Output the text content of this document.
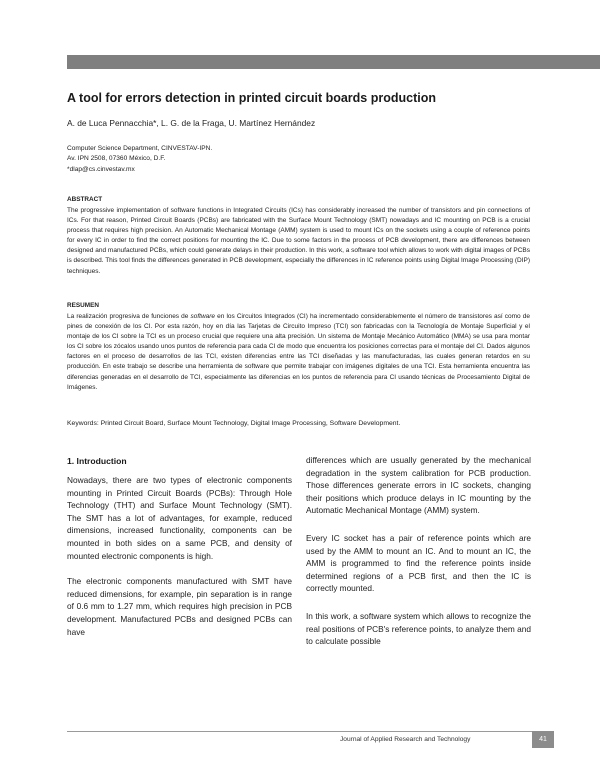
A tool for errors detection in printed circuit boards production
A. de Luca Pennacchia*, L. G. de la Fraga, U. Martínez Hernández
Computer Science Department, CINVESTAV-IPN.
Av. IPN 2508, 07360 México, D.F.
*dlap@cs.cinvestav.mx
ABSTRACT

The progressive implementation of software functions in Integrated Circuits (ICs) has considerably increased the number of transistors and pin connections of ICs. For that reason, Printed Circuit Boards (PCBs) are fabricated with the Surface Mount Technology (SMT) nowadays and IC mounting on PCB is a crucial process that requires high precision. An Automatic Mechanical Montage (AMM) system is used to mount ICs on the sockets using a couple of reference points for every IC in order to find the correct positions for mounting the IC. Due to some factors in the process of PCB development, there are differences between designed and manufactured PCBs, which could generate delays in their production. In this work, a software tool which allows to work with digital images of PCBs is described. This tool finds the differences generated in PCB development, especially the differences in IC reference points using Digital Image Processing (DIP) techniques.

RESUMEN

La realización progresiva de funciones de software en los Circuitos Integrados (CI) ha incrementado considerablemente el número de transistores así como de pines de conexión de los CI. Por esta razón, hoy en día las Tarjetas de Circuito Impreso (TCI) son fabricadas con la Tecnología de Montaje Superficial y el montaje de los CI sobre la TCI es un proceso crucial que requiere una alta precisión. Un sistema de Montaje Mecánico Automático (MMA) se usa para montar los CI sobre los zócalos usando unos puntos de referencia para cada CI de modo que encuentra los posiciones correctas para el montaje del CI. Dados algunos factores en el proceso de desarrollos de las TCI, existen diferencias entre las TCI diseñadas y las manufacturadas, las cuales generan retardos en su producción. En este trabajo se describe una herramienta de software que permite trabajar con imágenes digitales de una TCI. Esta herramienta encuentra las diferencias generadas en el desarrollo de TCI, especialmente las diferencias en los puntos de referencia para CI usando técnicas de Procesamiento Digital de Imágenes.

Keywords: Printed Circuit Board, Surface Mount Technology, Digital Image Processing, Software Development.

1. Introduction

Nowadays, there are two types of electronic components mounting in Printed Circuit Boards (PCBs): Through Hole Technology (THT) and Surface Mount Technology (SMT). The SMT has a lot of advantages, for example, reduced dimensions, increased functionality, components can be mounted in both sides on a same PCB, and density of mounted electronic components is high.

The electronic components manufactured with SMT have reduced dimensions, for example, pin separation is in range of 0.6 mm to 1.27 mm, which requires high precision in PCB development. Manufactured PCBs and designed PCBs can have

differences which are usually generated by the mechanical degradation in the system calibration for PCB production. Those differences generate errors in IC sockets, changing their positions which produce delays in IC mounting by the Automatic Mechanical Montage (AMM) system.

Every IC socket has a pair of reference points which are used by the AMM to mount an IC. And to mount an IC, the AMM is programmed to find the reference points inside determined regions of a PCB first, and then the IC is correctly mounted.

In this work, a software system which allows to recognize the real positions of PCB's reference points, to analyze them and to calculate possible

Journal of Applied Research and Technology	41
